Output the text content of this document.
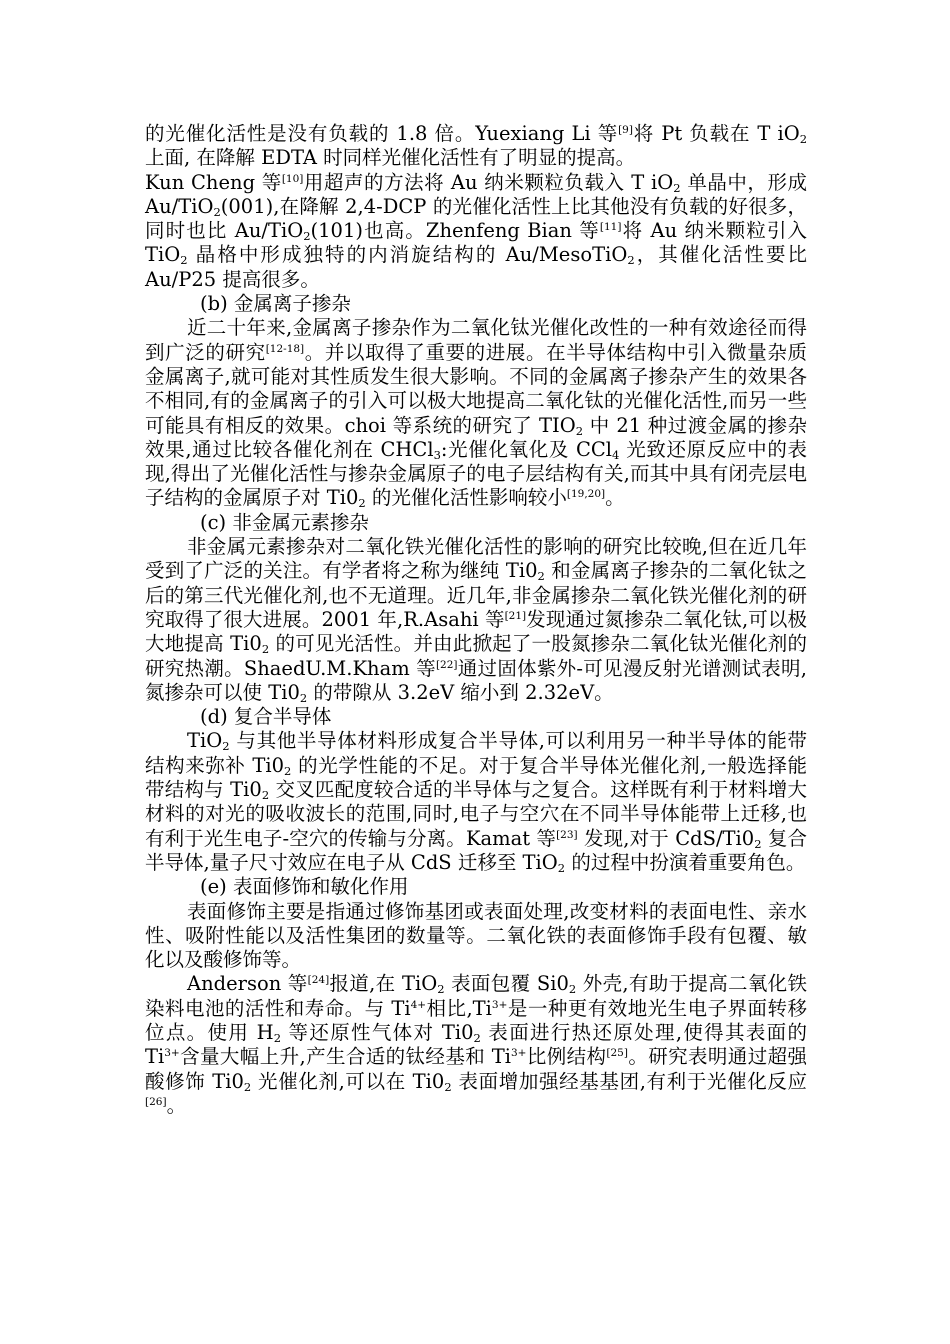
的光催化活性是没有负载的 1.8 倍。Yuexiang Li 等[9]将 Pt 负载在 T $iO_2$ 上面, 在降解 EDTA 时同样光催化活性有了明显的提高。

Kun Cheng 等[10]用超声的方法将 Au 纳米颗粒负载入 T $iO_2$ 单晶中，形成 Au/TiO$_2$(001),在降解 2,4-DCP 的光催化活性上比其他没有负载的好很多，同时也比 Au/TiO$_2$(101)也高。Zhenfeng Bian 等[11]将 Au 纳米颗粒引入 TiO$_2$ 晶格中形成独特的内消旋结构的 Au/MesoTiO$_2$，其催化活性要比 Au/P25 提高很多。

(b) 金属离子掺杂

近二十年来,金属离子掺杂作为二氧化钛光催化改性的一种有效途径而得到广泛的研究[12-18]。并以取得了重要的进展。在半导体结构中引入微量杂质金属离子,就可能对其性质发生很大影响。不同的金属离子掺杂产生的效果各不相同,有的金属离子的引入可以极大地提高二氧化钛的光催化活性,而另一些可能具有相反的效果。choi 等系统的研究了 $TIO_2$ 中 21 种过渡金属的掺杂效果,通过比较各催化剂在 CHCl$_3$:光催化氧化及 CCl$_4$ 光致还原反应中的表现,得出了光催化活性与掺杂金属原子的电子层结构有关,而其中具有闭壳层电子结构的金属原子对 $Ti0_2$ 的光催化活性影响较小[19,20]。

(c) 非金属元素掺杂

非金属元素掺杂对二氧化铁光催化活性的影响的研究比较晚,但在近几年受到了广泛的关注。有学者将之称为继纯 $Ti0_2$ 和金属离子掺杂的二氧化钛之后的第三代光催化剂,也不无道理。近几年,非金属掺杂二氧化铁光催化剂的研究取得了很大进展。2001 年,R.Asahi 等[21]发现通过氮掺杂二氧化钛,可以极大地提高 $Ti0_2$ 的可见光活性。并由此掀起了一股氮掺杂二氧化钛光催化剂的研究热潮。ShaedU.M.Kham 等[22]通过固体紫外-可见漫反射光谱测试表明,氮掺杂可以使 $Ti0_2$ 的带隙从 3.2eV 缩小到 2.32eV。

(d) 复合半导体

TiO$_2$ 与其他半导体材料形成复合半导体,可以利用另一种半导体的能带结构来弥补 $Ti0_2$ 的光学性能的不足。对于复合半导体光催化剂,一般选择能带结构与 $Ti0_2$ 交叉匹配度较合适的半导体与之复合。这样既有利于材料增大材料的对光的吸收波长的范围,同时,电子与空穴在不同半导体能带上迁移,也有利于光生电子-空穴的传输与分离。Kamat 等[23] 发现,对于 CdS/$Ti0_2$ 复合半导体,量子尺寸效应在电子从 CdS 迁移至 TiO$_2$ 的过程中扮演着重要角色。

(e) 表面修饰和敏化作用

表面修饰主要是指通过修饰基团或表面处理,改变材料的表面电性、亲水性、吸附性能以及活性集团的数量等。二氧化铁的表面修饰手段有包覆、敏化以及酸修饰等。

Anderson 等[24]报道,在 TiO$_2$ 表面包覆 $Si0_2$ 外壳,有助于提高二氧化铁染料电池的活性和寿命。与 $Ti^{4+}$相比$,Ti^{3+}$是一种更有效地光生电子界面转移位点。使用 $H_2$ 等还原性气体对 $Ti0_2$ 表面进行热还原处理,使得其表面的 $Ti^{3+}$含量大幅上升,产生合适的钛经基和 $Ti^{3+}$比例结构[25]。研究表明通过超强酸修饰 $Ti0_2$ 光催化剂,可以在 $Ti0_2$ 表面增加强经基基团,有利于光催化反应[26]。
